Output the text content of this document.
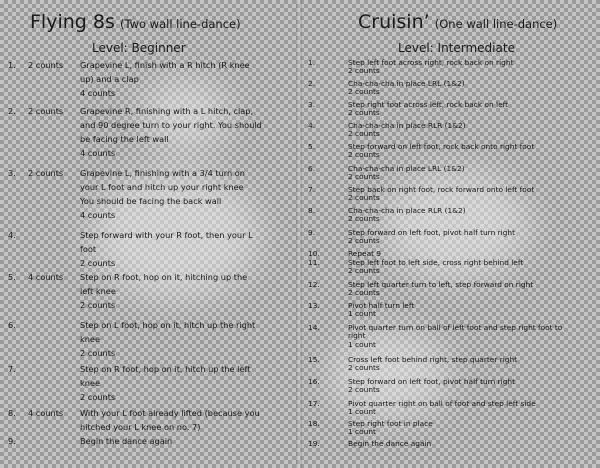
Flying 8s (Two wall line-dance)
Level: Beginner
1.	2 counts	Grapevine L, finish with a R hitch (R knee
up) and a clap
4 counts
2.	2 counts	Grapevine R, finishing with a L hitch, clap,
and 90 degree turn to your right. You should
be facing the left wall
4 counts
3.	2 counts	Grapevine L, finishing with a 3/4 turn on
your L foot and hitch up your right knee
You should be facing the back wall
4 counts
4.	Step forward with your R foot, then your L
foot
2 counts
5.	4 counts	Step on R foot, hop on it, hitching up the
left knee
2 counts
6.	Step on L foot, hop on it, hitch up the right
knee
2 counts
7.	Step on R foot, hop on it, hitch up the left
knee
2 counts
8.	4 counts	With your L foot already lifted (because you
hitched your L knee on no. 7)
9.	Begin the dance again
Cruisin’ (One wall line-dance)
Level: Intermediate
1.	Step left foot across right, rock back on right
2 counts
2.	Cha-cha-cha in place LRL (1&2)
2 counts
3.	Step right foot across left, rock back on left
2 counts
4.	Cha-cha-cha in place RLR (1&2)
2 counts
5.	Step forward on left foot, rock back onto right foot
2 counts
6.	Cha-cha-cha in place LRL (1&2)
2 counts
7.	Step back on right foot, rock forward onto left foot
2 counts
8.	Cha-cha-cha in place RLR (1&2)
2 counts
9.	Step forward on left foot, pivot half turn right
2 counts
10.	Repeat 9
11.	Step left foot to left side, cross right behind left
2 counts
12.	Step left quarter turn to left, step forward on right
2 counts
13.	Pivot half turn left
1 count
14.	Pivot quarter turn on ball of left foot and step right foot to
right
1 count
15.	Cross left foot behind right, step quarter right
2 counts
16.	Step forward on left foot, pivot half turn right
2 counts
17.	Pivot quarter right on ball of foot and step left side
1 count
18.	Step right foot in place
1 count
19.	Begin the dance again
